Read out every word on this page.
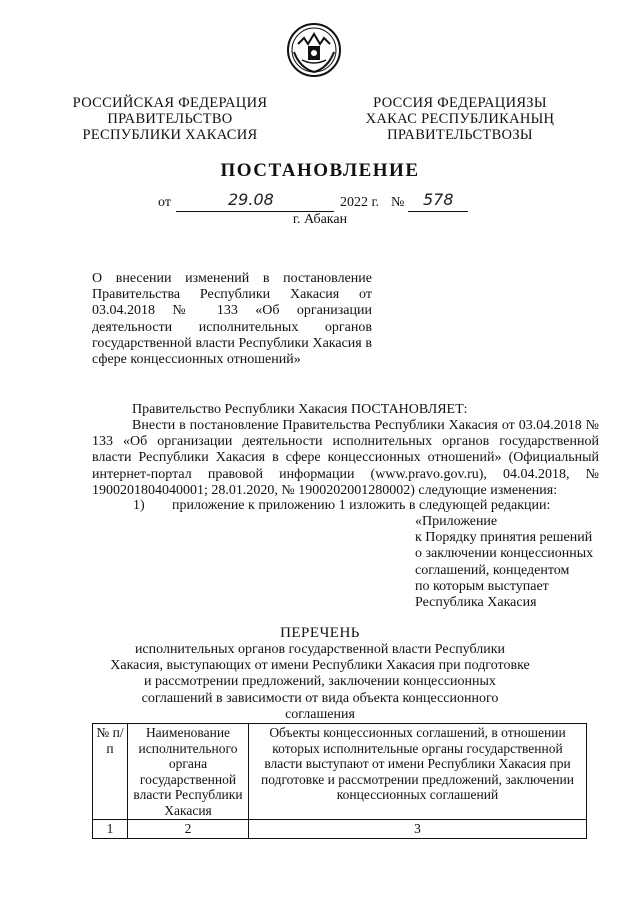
РОССИЙСКАЯ ФЕДЕРАЦИЯ
ПРАВИТЕЛЬСТВО
РЕСПУБЛИКИ ХАКАСИЯ
РОССИЯ ФЕДЕРАЦИЯЗЫ
ХАКАС РЕСПУБЛИКАНЫҢ
ПРАВИТЕЛЬСТВОЗЫ
ПОСТАНОВЛЕНИЕ
от	29.08	2022 г. № 578
г. Абакан
О внесении изменений в постановление Правительства Республики Хакасия от 03.04.2018 № 133 «Об организации деятельности исполнительных органов государственной власти Республики Хакасия в сфере концессионных отношений»
Правительство Республики Хакасия ПОСТАНОВЛЯЕТ:
Внести в постановление Правительства Республики Хакасия от 03.04.2018 № 133 «Об организации деятельности исполнительных органов государственной власти Республики Хакасия в сфере концессионных отношений» (Официальный интернет-портал правовой информации (www.pravo.gov.ru), 04.04.2018, № 1900201804040001; 28.01.2020, № 1900202001280002) следующие изменения:
1) приложение к приложению 1 изложить в следующей редакции:
«Приложение
к Порядку принятия решений
о заключении концессионных
соглашений, концедентом
по которым выступает
Республика Хакасия
ПЕРЕЧЕНЬ
исполнительных органов государственной власти Республики Хакасия, выступающих от имени Республики Хакасия при подготовке и рассмотрении предложений, заключении концессионных соглашений в зависимости от вида объекта концессионного соглашения
№ п/п	Наименование исполнительного органа государственной власти Республики Хакасия	Объекты концессионных соглашений, в отношении которых исполнительные органы государственной власти выступают от имени Республики Хакасия при подготовке и рассмотрении предложений, заключении концессионных соглашений
1	2	3
